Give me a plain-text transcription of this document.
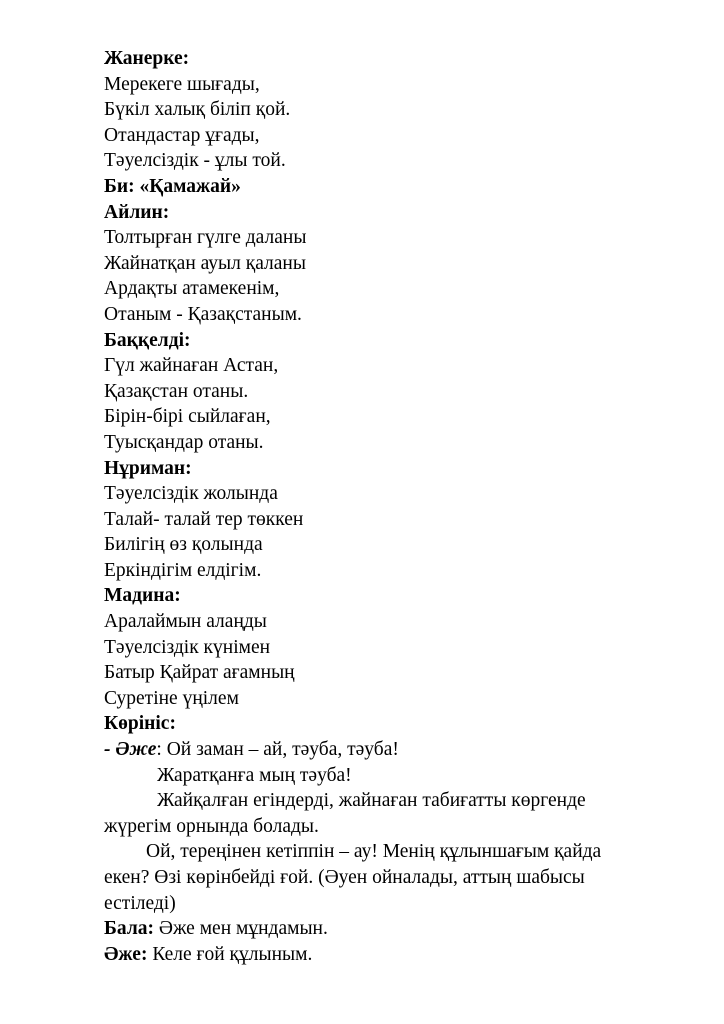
Жанерке:
Мерекеге шығады,
Бүкіл халық біліп қой.
Отандастар ұғады,
Тәуелсіздік - ұлы той.
Би: «Қамажай»
Айлин:
Толтырған гүлге даланы
Жайнатқан ауыл қаланы
Ардақты атамекенім,
Отаным - Қазақстаным.
Баққелді:
Гүл жайнаған Астан,
Қазақстан отаны.
Бірін-бірі сыйлаған,
Туысқандар отаны.
Нұриман:
Тәуелсіздік жолында
Талай- талай тер төккен
Билігің өз қолында
Еркіндігім елдігім.
Мадина:
Аралаймын алаңды
Тәуелсіздік күнімен
Батыр Қайрат ағамның
Суретіне үңілем
Көрініс:
- Әже: Ой заман – ай, тәуба, тәуба!
Жаратқанға мың тәуба!
Жайқалған егіндерді, жайнаған табиғатты көргенде
жүрегім орнында болады.
Ой, тереңінен кетіппін – ау! Менің құлыншағым қайда
екен? Өзі көрінбейді ғой. (Әуен ойналады, аттың шабысы
естіледі)
Бала: Әже мен мұндамын.
Әже: Келе ғой құлыным.
